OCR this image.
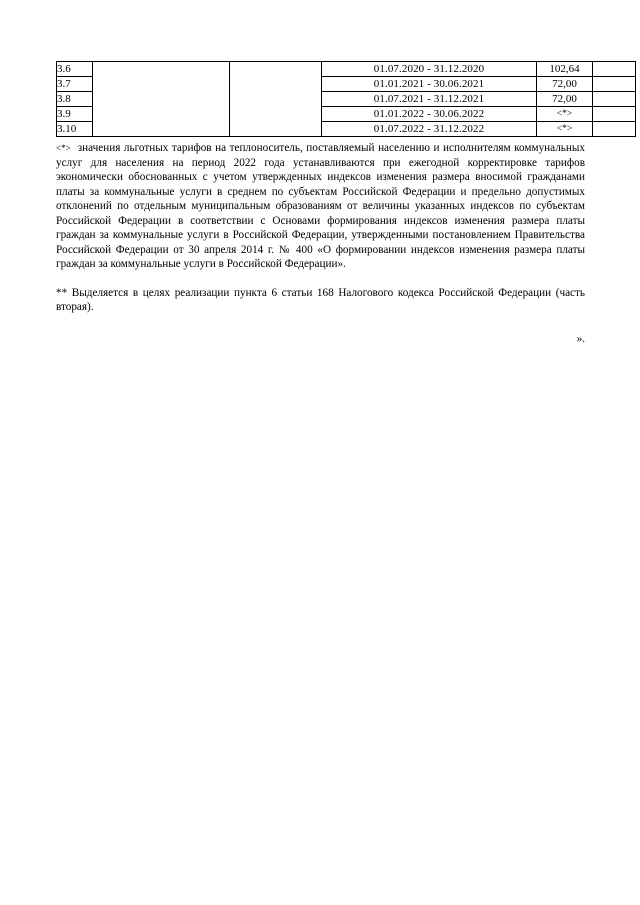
3.6			01.07.2020 - 31.12.2020	102,64	
3.7			01.01.2021 - 30.06.2021	72,00	
3.8			01.07.2021 - 31.12.2021	72,00	
3.9			01.01.2022 - 30.06.2022	<*>	
3.10			01.07.2022 - 31.12.2022	<*>	

<*> значения льготных тарифов на теплоноситель, поставляемый населению и исполнителям коммунальных услуг для населения на период 2022 года устанавливаются при ежегодной корректировке тарифов экономически обоснованных с учетом утвержденных индексов изменения размера вносимой гражданами платы за коммунальные услуги в среднем по субъектам Российской Федерации и предельно допустимых отклонений по отдельным муниципальным образованиям от величины указанных индексов по субъектам Российской Федерации в соответствии с Основами формирования индексов изменения размера платы граждан за коммунальные услуги в Российской Федерации, утвержденными постановлением Правительства Российской Федерации от 30 апреля 2014 г. № 400 «О формировании индексов изменения размера платы граждан за коммунальные услуги в Российской Федерации».

** Выделяется в целях реализации пункта 6 статьи 168 Налогового кодекса Российской Федерации (часть вторая).

».
